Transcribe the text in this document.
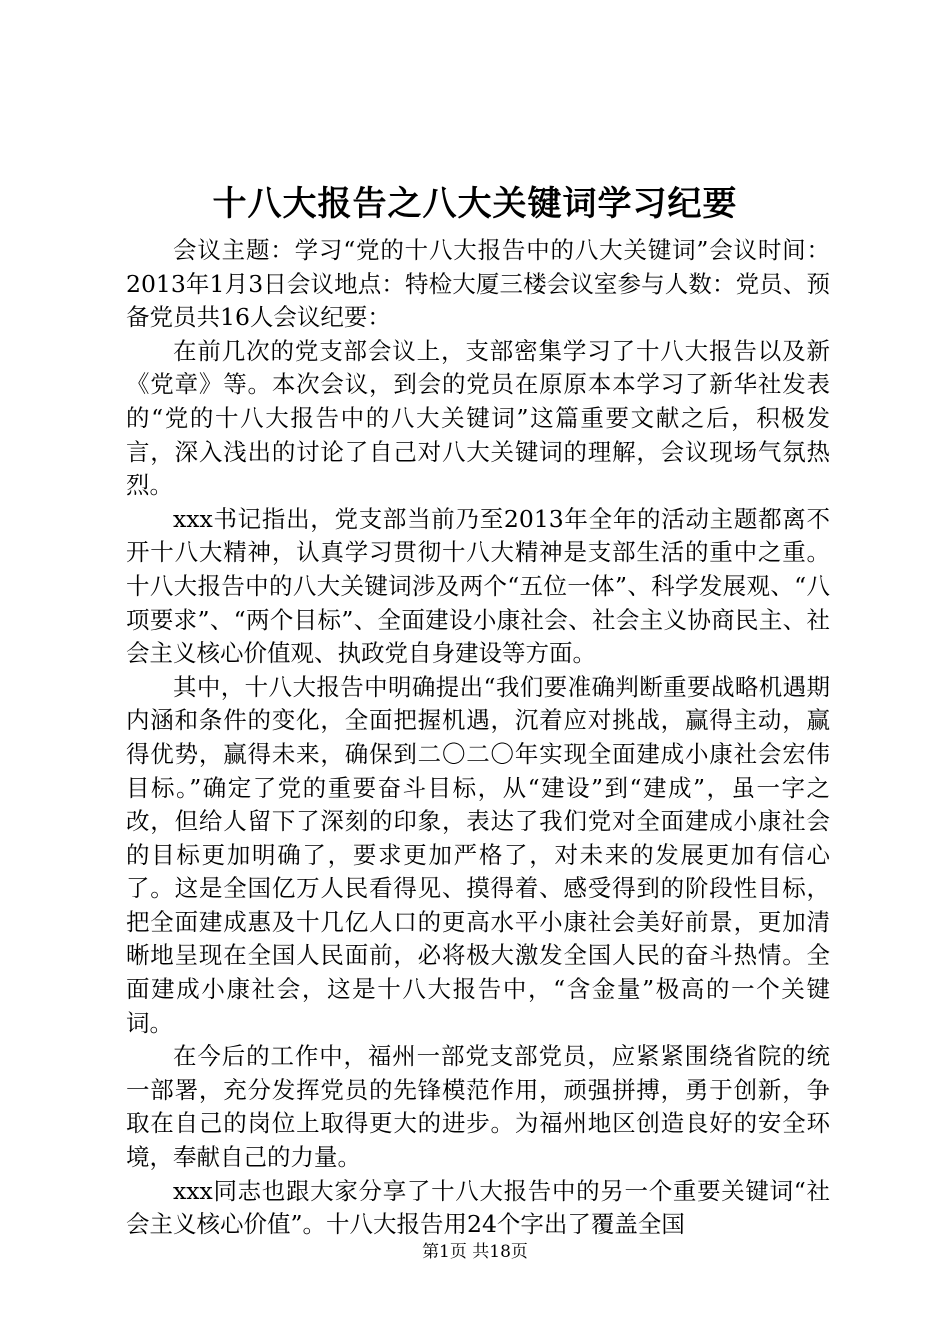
十八大报告之八大关键词学习纪要

会议主题：学习“党的十八大报告中的八大关键词”会议时间：2013年1月3日会议地点：特检大厦三楼会议室参与人数：党员、预备党员共16人会议纪要：

在前几次的党支部会议上，支部密集学习了十八大报告以及新《党章》等。本次会议，到会的党员在原原本本学习了新华社发表的“党的十八大报告中的八大关键词”这篇重要文献之后，积极发言，深入浅出的讨论了自己对八大关键词的理解，会议现场气氛热烈。

xxx书记指出，党支部当前乃至2013年全年的活动主题都离不开十八大精神，认真学习贯彻十八大精神是支部生活的重中之重。十八大报告中的八大关键词涉及两个“五位一体”、科学发展观、“八项要求”、“两个目标”、全面建设小康社会、社会主义协商民主、社会主义核心价值观、执政党自身建设等方面。

其中，十八大报告中明确提出“我们要准确判断重要战略机遇期内涵和条件的变化，全面把握机遇，沉着应对挑战，赢得主动，赢得优势，赢得未来，确保到二〇二〇年实现全面建成小康社会宏伟目标。”确定了党的重要奋斗目标，从“建设”到“建成”，虽一字之改，但给人留下了深刻的印象，表达了我们党对全面建成小康社会的目标更加明确了，要求更加严格了，对未来的发展更加有信心了。这是全国亿万人民看得见、摸得着、感受得到的阶段性目标，把全面建成惠及十几亿人口的更高水平小康社会美好前景，更加清晰地呈现在全国人民面前，必将极大激发全国人民的奋斗热情。全面建成小康社会，这是十八大报告中，“含金量”极高的一个关键词。

在今后的工作中，福州一部党支部党员，应紧紧围绕省院的统一部署，充分发挥党员的先锋模范作用，顽强拼搏，勇于创新，争取在自己的岗位上取得更大的进步。为福州地区创造良好的安全环境，奉献自己的力量。

xxx同志也跟大家分享了十八大报告中的另一个重要关键词“社会主义核心价值”。十八大报告用24个字出了覆盖全国

第1页 共18页
